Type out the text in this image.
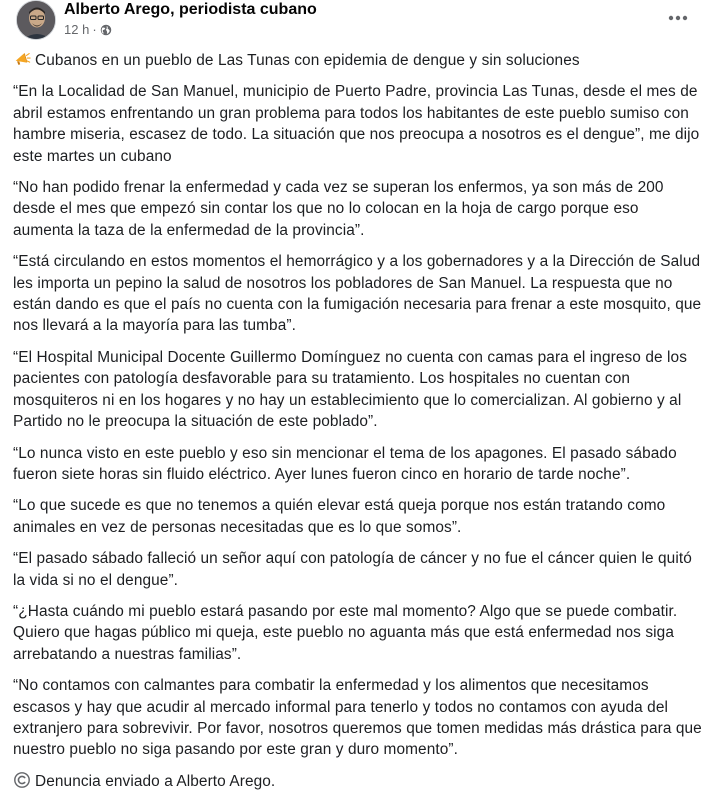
Alberto Arego, periodista cubano
12 h ·

Cubanos en un pueblo de Las Tunas con epidemia de dengue y sin soluciones

“En la Localidad de San Manuel, municipio de Puerto Padre, provincia Las Tunas, desde el mes de abril estamos enfrentando un gran problema para todos los habitantes de este pueblo sumiso con hambre miseria, escasez de todo. La situación que nos preocupa a nosotros es el dengue”, me dijo este martes un cubano

“No han podido frenar la enfermedad y cada vez se superan los enfermos, ya son más de 200 desde el mes que empezó sin contar los que no lo colocan en la hoja de cargo porque eso aumenta la taza de la enfermedad de la provincia”.

“Está circulando en estos momentos el hemorrágico y a los gobernadores y a la Dirección de Salud les importa un pepino la salud de nosotros los pobladores de San Manuel. La respuesta que no están dando es que el país no cuenta con la fumigación necesaria para frenar a este mosquito, que nos llevará a la mayoría para las tumba”.

“El Hospital Municipal Docente Guillermo Domínguez no cuenta con camas para el ingreso de los pacientes con patología desfavorable para su tratamiento. Los hospitales no cuentan con mosquiteros ni en los hogares y no hay un establecimiento que lo comercializan. Al gobierno y al Partido no le preocupa la situación de este poblado”.

“Lo nunca visto en este pueblo y eso sin mencionar el tema de los apagones. El pasado sábado fueron siete horas sin fluido eléctrico. Ayer lunes fueron cinco en horario de tarde noche”.

“Lo que sucede es que no tenemos a quién elevar está queja porque nos están tratando como animales en vez de personas necesitadas que es lo que somos”.

“El pasado sábado falleció un señor aquí con patología de cáncer y no fue el cáncer quien le quitó la vida si no el dengue”.

“¿Hasta cuándo mi pueblo estará pasando por este mal momento? Algo que se puede combatir. Quiero que hagas público mi queja, este pueblo no aguanta más que está enfermedad nos siga arrebatando a nuestras familias”.

“No contamos con calmantes para combatir la enfermedad y los alimentos que necesitamos escasos y hay que acudir al mercado informal para tenerlo y todos no contamos con ayuda del extranjero para sobrevivir. Por favor, nosotros queremos que tomen medidas más drástica para que nuestro pueblo no siga pasando por este gran y duro momento”.

Denuncia enviado a Alberto Arego.
